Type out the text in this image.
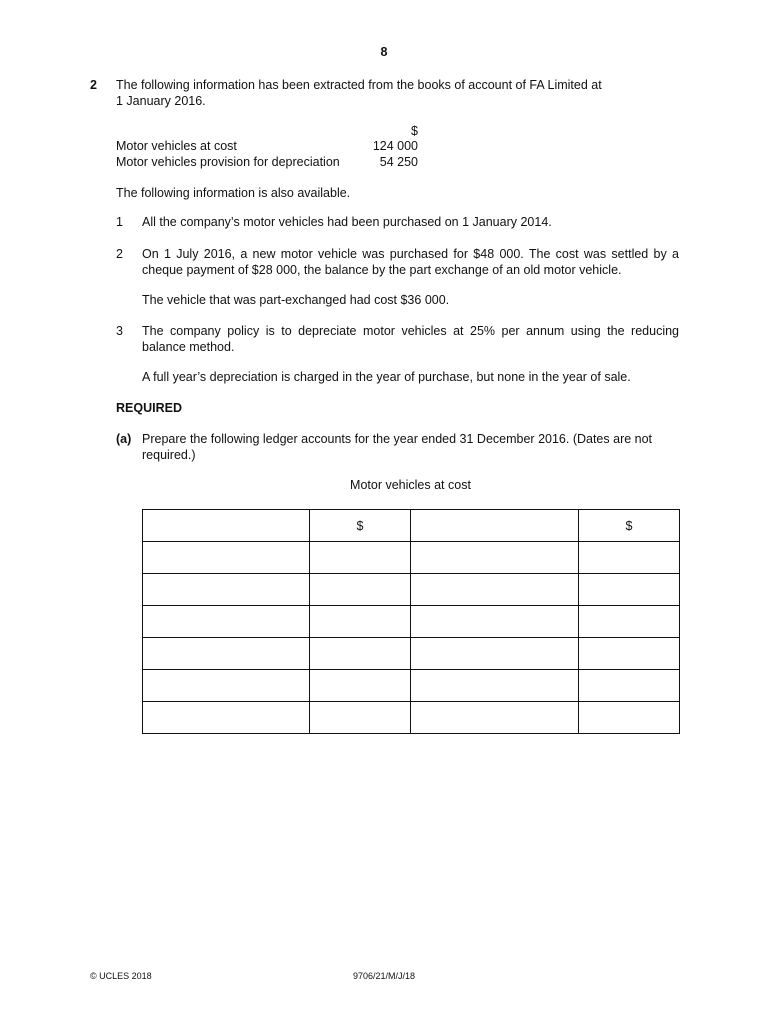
8
2 The following information has been extracted from the books of account of FA Limited at
1 January 2016.
$
Motor vehicles at cost	124 000
Motor vehicles provision for depreciation	54 250
The following information is also available.
1 All the company’s motor vehicles had been purchased on 1 January 2014.
2 On 1 July 2016, a new motor vehicle was purchased for $48 000. The cost was settled by a cheque payment of $28 000, the balance by the part exchange of an old motor vehicle.
The vehicle that was part-exchanged had cost $36 000.
3 The company policy is to depreciate motor vehicles at 25% per annum using the reducing balance method.
A full year’s depreciation is charged in the year of purchase, but none in the year of sale.
REQUIRED
(a) Prepare the following ledger accounts for the year ended 31 December 2016. (Dates are not required.)
Motor vehicles at cost
	$		$

© UCLES 2018	9706/21/M/J/18
